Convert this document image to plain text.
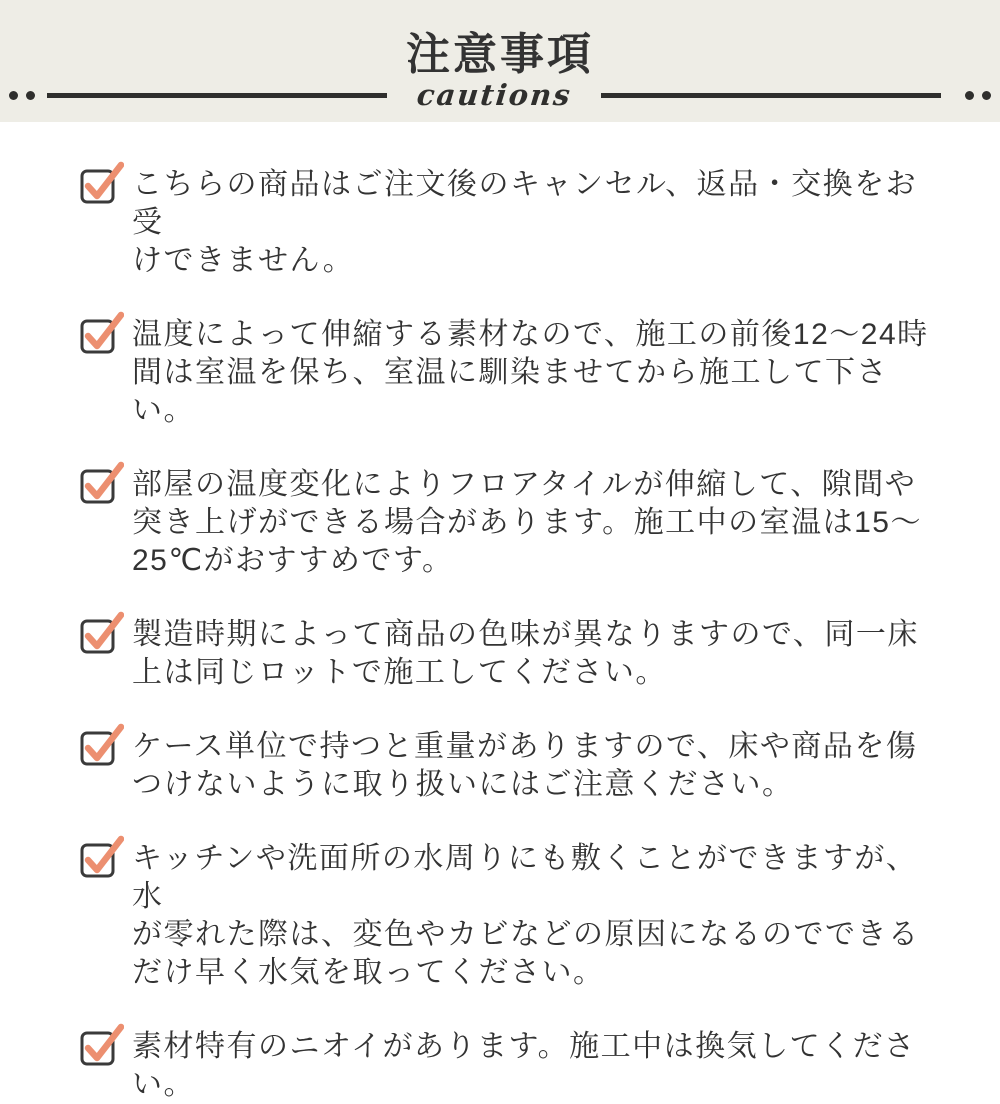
注意事項
cautions
こちらの商品はご注文後のキャンセル、返品・交換をお受
けできません。
温度によって伸縮する素材なので、施工の前後12〜24時
間は室温を保ち、室温に馴染ませてから施工して下さい。
部屋の温度変化によりフロアタイルが伸縮して、隙間や
突き上げができる場合があります。施工中の室温は15〜
25℃がおすすめです。
製造時期によって商品の色味が異なりますので、同一床
上は同じロットで施工してください。
ケース単位で持つと重量がありますので、床や商品を傷
つけないように取り扱いにはご注意ください。
キッチンや洗面所の水周りにも敷くことができますが、水
が零れた際は、変色やカビなどの原因になるのでできる
だけ早く水気を取ってください。
素材特有のニオイがあります。施工中は換気してください。
